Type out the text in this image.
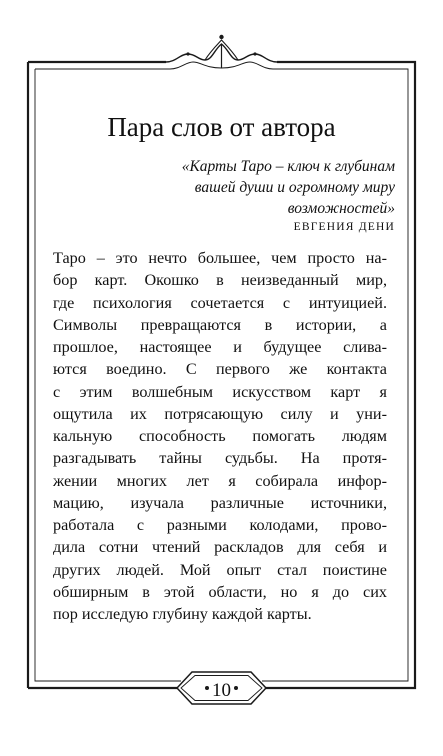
Пара слов от автора
«Карты Таро – ключ к глубинам
вашей души и огромному миру
возможностей»
ЕВГЕНИЯ ДЕНИ
Таро – это нечто большее, чем просто на-
бор карт. Окошко в неизведанный мир,
где психология сочетается с интуицией.
Символы превращаются в истории, а
прошлое, настоящее и будущее слива-
ются воедино. С первого же контакта
с этим волшебным искусством карт я
ощутила их потрясающую силу и уни-
кальную способность помогать людям
разгадывать тайны судьбы. На протя-
жении многих лет я собирала инфор-
мацию, изучала различные источники,
работала с разными колодами, прово-
дила сотни чтений раскладов для себя и
других людей. Мой опыт стал поистине
обширным в этой области, но я до сих
пор исследую глубину каждой карты.
10
